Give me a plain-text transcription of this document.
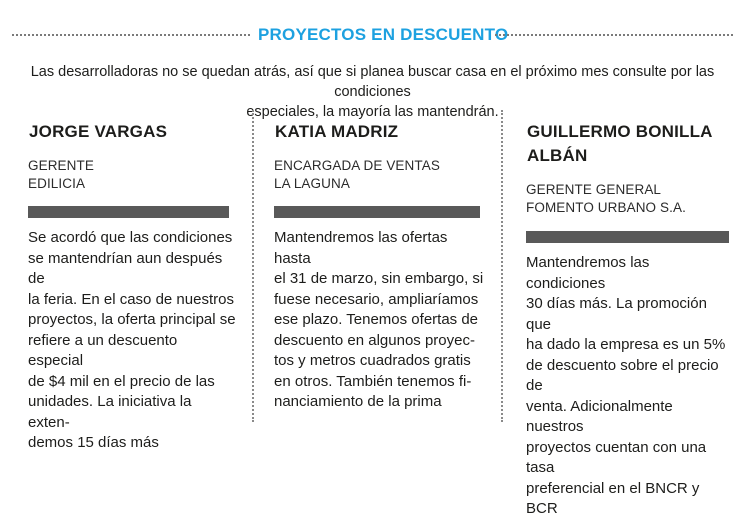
PROYECTOS EN DESCUENTO
Las desarrolladoras no se quedan atrás, así que si planea buscar casa en el próximo mes consulte por las condiciones
especiales, la mayoría las mantendrán.
JORGE VARGAS
GERENTE
EDILICIA
Se acordó que las condiciones
se mantendrían aun después de
la feria. En el caso de nuestros
proyectos, la oferta principal se
refiere a un descuento especial
de $4 mil en el precio de las
unidades. La iniciativa la exten-
demos 15 días más
KATIA MADRIZ
ENCARGADA DE VENTAS
LA LAGUNA
Mantendremos las ofertas hasta
el 31 de marzo, sin embargo, si
fuese necesario, ampliaríamos
ese plazo. Tenemos ofertas de
descuento en algunos proyec-
tos y metros cuadrados gratis
en otros. También tenemos fi-
nanciamiento de la prima
GUILLERMO BONILLA
ALBÁN
GERENTE GENERAL
FOMENTO URBANO S.A.
Mantendremos las condiciones
30 días más. La promoción que
ha dado la empresa es un 5%
de descuento sobre el precio de
venta. Adicionalmente nuestros
proyectos cuentan con una tasa
preferencial en el BNCR y BCR
